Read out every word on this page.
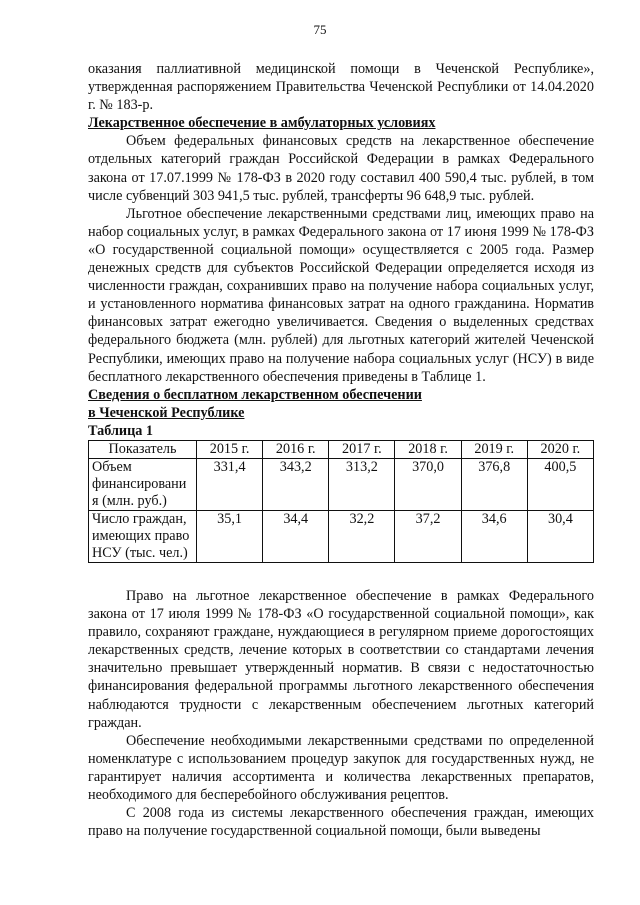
75

оказания паллиативной медицинской помощи в Чеченской Республике», утвержденная распоряжением Правительства Чеченской Республики от 14.04.2020 г. № 183-р.

Лекарственное обеспечение в амбулаторных условиях

Объем федеральных финансовых средств на лекарственное обеспечение отдельных категорий граждан Российской Федерации в рамках Федерального закона от 17.07.1999 № 178-ФЗ в 2020 году составил 400 590,4 тыс. рублей, в том числе субвенций 303 941,5 тыс. рублей, трансферты 96 648,9 тыс. рублей.

Льготное обеспечение лекарственными средствами лиц, имеющих право на набор социальных услуг, в рамках Федерального закона от 17 июня 1999 № 178-ФЗ «О государственной социальной помощи» осуществляется с 2005 года. Размер денежных средств для субъектов Российской Федерации определяется исходя из численности граждан, сохранивших право на получение набора социальных услуг, и установленного норматива финансовых затрат на одного гражданина. Норматив финансовых затрат ежегодно увеличивается. Сведения о выделенных средствах федерального бюджета (млн. рублей) для льготных категорий жителей Чеченской Республики, имеющих право на получение набора социальных услуг (НСУ) в виде бесплатного лекарственного обеспечения приведены в Таблице 1.

Сведения о бесплатном лекарственном обеспечении

в Чеченской Республике

Таблица 1

Показатель	2015 г.	2016 г.	2017 г.	2018 г.	2019 г.	2020 г.
Объем финансировани я (млн. руб.)	331,4	343,2	313,2	370,0	376,8	400,5
Число граждан, имеющих право НСУ (тыс. чел.)	35,1	34,4	32,2	37,2	34,6	30,4

Право на льготное лекарственное обеспечение в рамках Федерального закона от 17 июля 1999 № 178-ФЗ «О государственной социальной помощи», как правило, сохраняют граждане, нуждающиеся в регулярном приеме дорогостоящих лекарственных средств, лечение которых в соответствии со стандартами лечения значительно превышает утвержденный норматив. В связи с недостаточностью финансирования федеральной программы льготного лекарственного обеспечения наблюдаются трудности с лекарственным обеспечением льготных категорий граждан.

Обеспечение необходимыми лекарственными средствами по определенной номенклатуре с использованием процедур закупок для государственных нужд, не гарантирует наличия ассортимента и количества лекарственных препаратов, необходимого для бесперебойного обслуживания рецептов.

С 2008 года из системы лекарственного обеспечения граждан, имеющих право на получение государственной социальной помощи, были выведены
